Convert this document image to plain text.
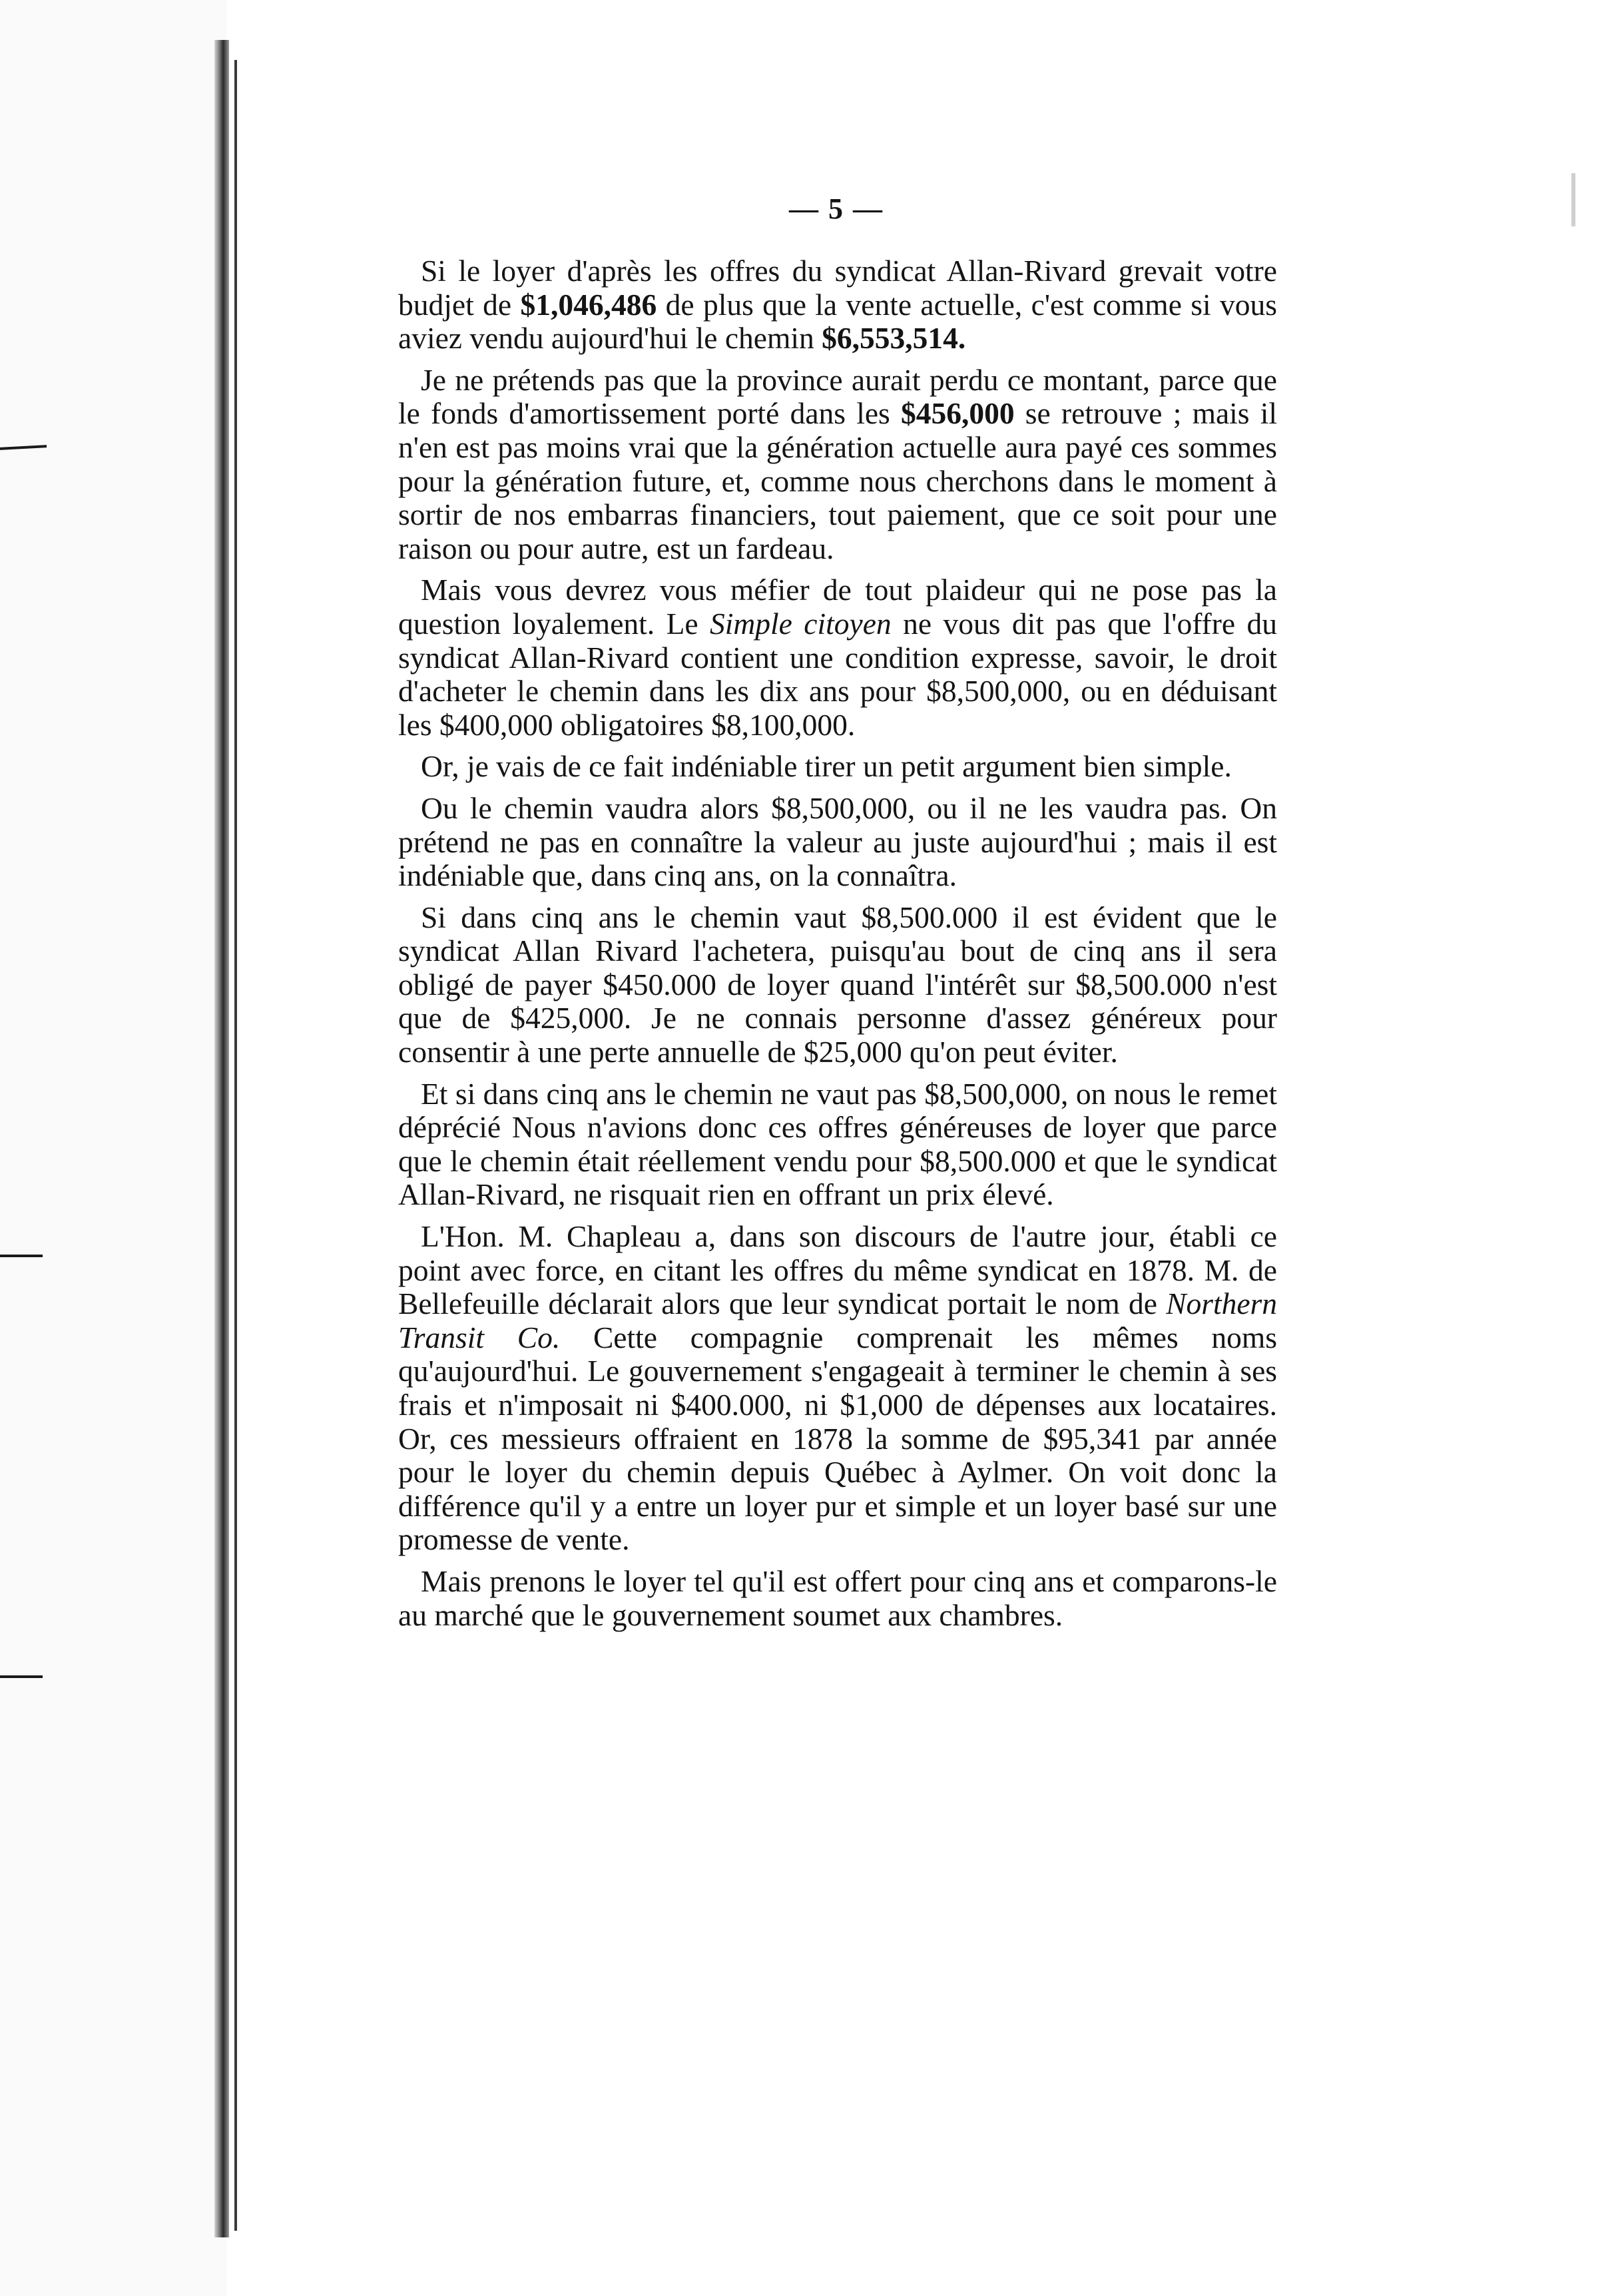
— 5 —

Si le loyer d'après les offres du syndicat Allan-Rivard grevait votre budjet de $1,046,486 de plus que la vente actuelle, c'est comme si vous aviez vendu aujourd'hui le chemin $6,553,514.

Je ne prétends pas que la province aurait perdu ce montant, parce que le fonds d'amortissement porté dans les $456,000 se retrouve ; mais il n'en est pas moins vrai que la génération actuelle aura payé ces sommes pour la génération future, et, comme nous cherchons dans le moment à sortir de nos embarras financiers, tout paiement, que ce soit pour une raison ou pour autre, est un fardeau.

Mais vous devrez vous méfier de tout plaideur qui ne pose pas la question loyalement. Le Simple citoyen ne vous dit pas que l'offre du syndicat Allan-Rivard contient une condition expresse, savoir, le droit d'acheter le chemin dans les dix ans pour $8,500,000, ou en déduisant les $400,000 obligatoires $8,100,000.

Or, je vais de ce fait indéniable tirer un petit argument bien simple.

Ou le chemin vaudra alors $8,500,000, ou il ne les vaudra pas. On prétend ne pas en connaître la valeur au juste aujourd'hui ; mais il est indéniable que, dans cinq ans, on la connaîtra.

Si dans cinq ans le chemin vaut $8,500.000 il est évident que le syndicat Allan Rivard l'achetera, puisqu'au bout de cinq ans il sera obligé de payer $450.000 de loyer quand l'intérêt sur $8,500.000 n'est que de $425,000. Je ne connais personne d'assez généreux pour consentir à une perte annuelle de $25,000 qu'on peut éviter.

Et si dans cinq ans le chemin ne vaut pas $8,500,000, on nous le remet déprécié Nous n'avions donc ces offres généreuses de loyer que parce que le chemin était réellement vendu pour $8,500.000 et que le syndicat Allan-Rivard, ne risquait rien en offrant un prix élevé.

L'Hon. M. Chapleau a, dans son discours de l'autre jour, établi ce point avec force, en citant les offres du même syndicat en 1878. M. de Bellefeuille déclarait alors que leur syndicat portait le nom de Northern Transit Co. Cette compagnie comprenait les mêmes noms qu'aujourd'hui. Le gouvernement s'engageait à terminer le chemin à ses frais et n'imposait ni $400.000, ni $1,000 de dépenses aux locataires. Or, ces messieurs offraient en 1878 la somme de $95,341 par année pour le loyer du chemin depuis Québec à Aylmer. On voit donc la différence qu'il y a entre un loyer pur et simple et un loyer basé sur une promesse de vente.

Mais prenons le loyer tel qu'il est offert pour cinq ans et comparons-le au marché que le gouvernement soumet aux chambres.
